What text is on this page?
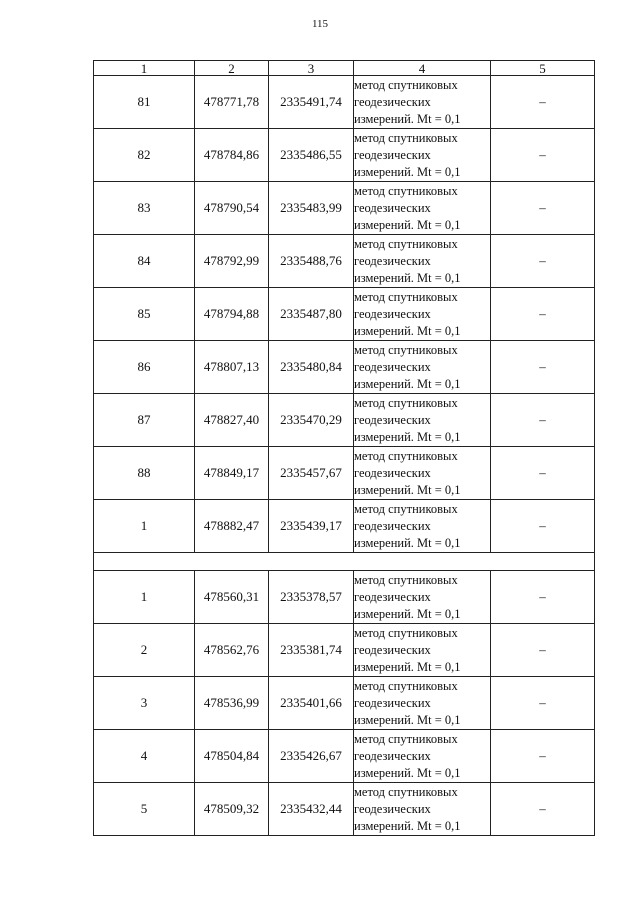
115
1	2	3	4	5
81	478771,78	2335491,74	метод спутниковых
геодезических
измерений. Mt = 0,1	–
82	478784,86	2335486,55	метод спутниковых
геодезических
измерений. Mt = 0,1	–
83	478790,54	2335483,99	метод спутниковых
геодезических
измерений. Mt = 0,1	–
84	478792,99	2335488,76	метод спутниковых
геодезических
измерений. Mt = 0,1	–
85	478794,88	2335487,80	метод спутниковых
геодезических
измерений. Mt = 0,1	–
86	478807,13	2335480,84	метод спутниковых
геодезических
измерений. Mt = 0,1	–
87	478827,40	2335470,29	метод спутниковых
геодезических
измерений. Mt = 0,1	–
88	478849,17	2335457,67	метод спутниковых
геодезических
измерений. Mt = 0,1	–
1	478882,47	2335439,17	метод спутниковых
геодезических
измерений. Mt = 0,1	–

1	478560,31	2335378,57	метод спутниковых
геодезических
измерений. Mt = 0,1	–
2	478562,76	2335381,74	метод спутниковых
геодезических
измерений. Mt = 0,1	–
3	478536,99	2335401,66	метод спутниковых
геодезических
измерений. Mt = 0,1	–
4	478504,84	2335426,67	метод спутниковых
геодезических
измерений. Mt = 0,1	–
5	478509,32	2335432,44	метод спутниковых
геодезических
измерений. Mt = 0,1	–
